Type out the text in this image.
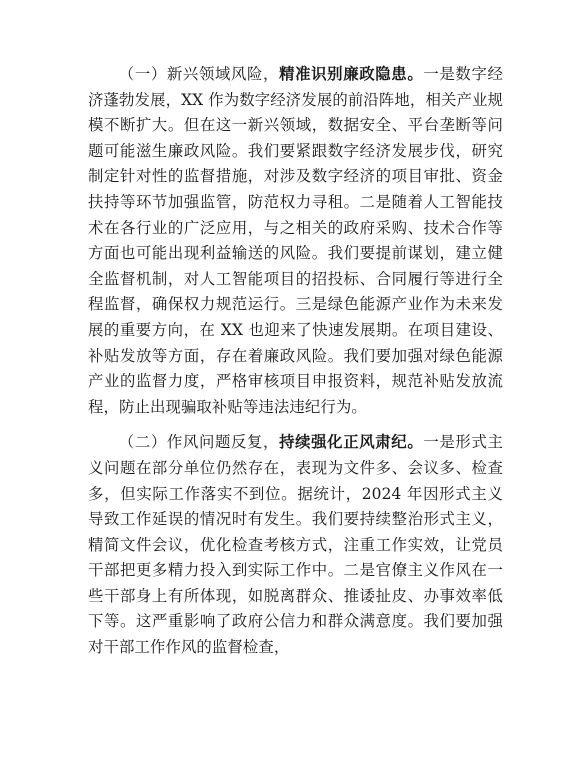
（一）新兴领域风险，精准识别廉政隐患。一是数字经济蓬勃发展，XX 作为数字经济发展的前沿阵地，相关产业规模不断扩大。但在这一新兴领域，数据安全、平台垄断等问题可能滋生廉政风险。我们要紧跟数字经济发展步伐，研究制定针对性的监督措施，对涉及数字经济的项目审批、资金扶持等环节加强监管，防范权力寻租。二是随着人工智能技术在各行业的广泛应用，与之相关的政府采购、技术合作等方面也可能出现利益输送的风险。我们要提前谋划，建立健全监督机制，对人工智能项目的招投标、合同履行等进行全程监督，确保权力规范运行。三是绿色能源产业作为未来发展的重要方向，在 XX 也迎来了快速发展期。在项目建设、补贴发放等方面，存在着廉政风险。我们要加强对绿色能源产业的监督力度，严格审核项目申报资料，规范补贴发放流程，防止出现骗取补贴等违法违纪行为。

（二）作风问题反复，持续强化正风肃纪。一是形式主义问题在部分单位仍然存在，表现为文件多、会议多、检查多，但实际工作落实不到位。据统计，2024 年因形式主义导致工作延误的情况时有发生。我们要持续整治形式主义，精简文件会议，优化检查考核方式，注重工作实效，让党员干部把更多精力投入到实际工作中。二是官僚主义作风在一些干部身上有所体现，如脱离群众、推诿扯皮、办事效率低下等。这严重影响了政府公信力和群众满意度。我们要加强对干部工作作风的监督检查，
